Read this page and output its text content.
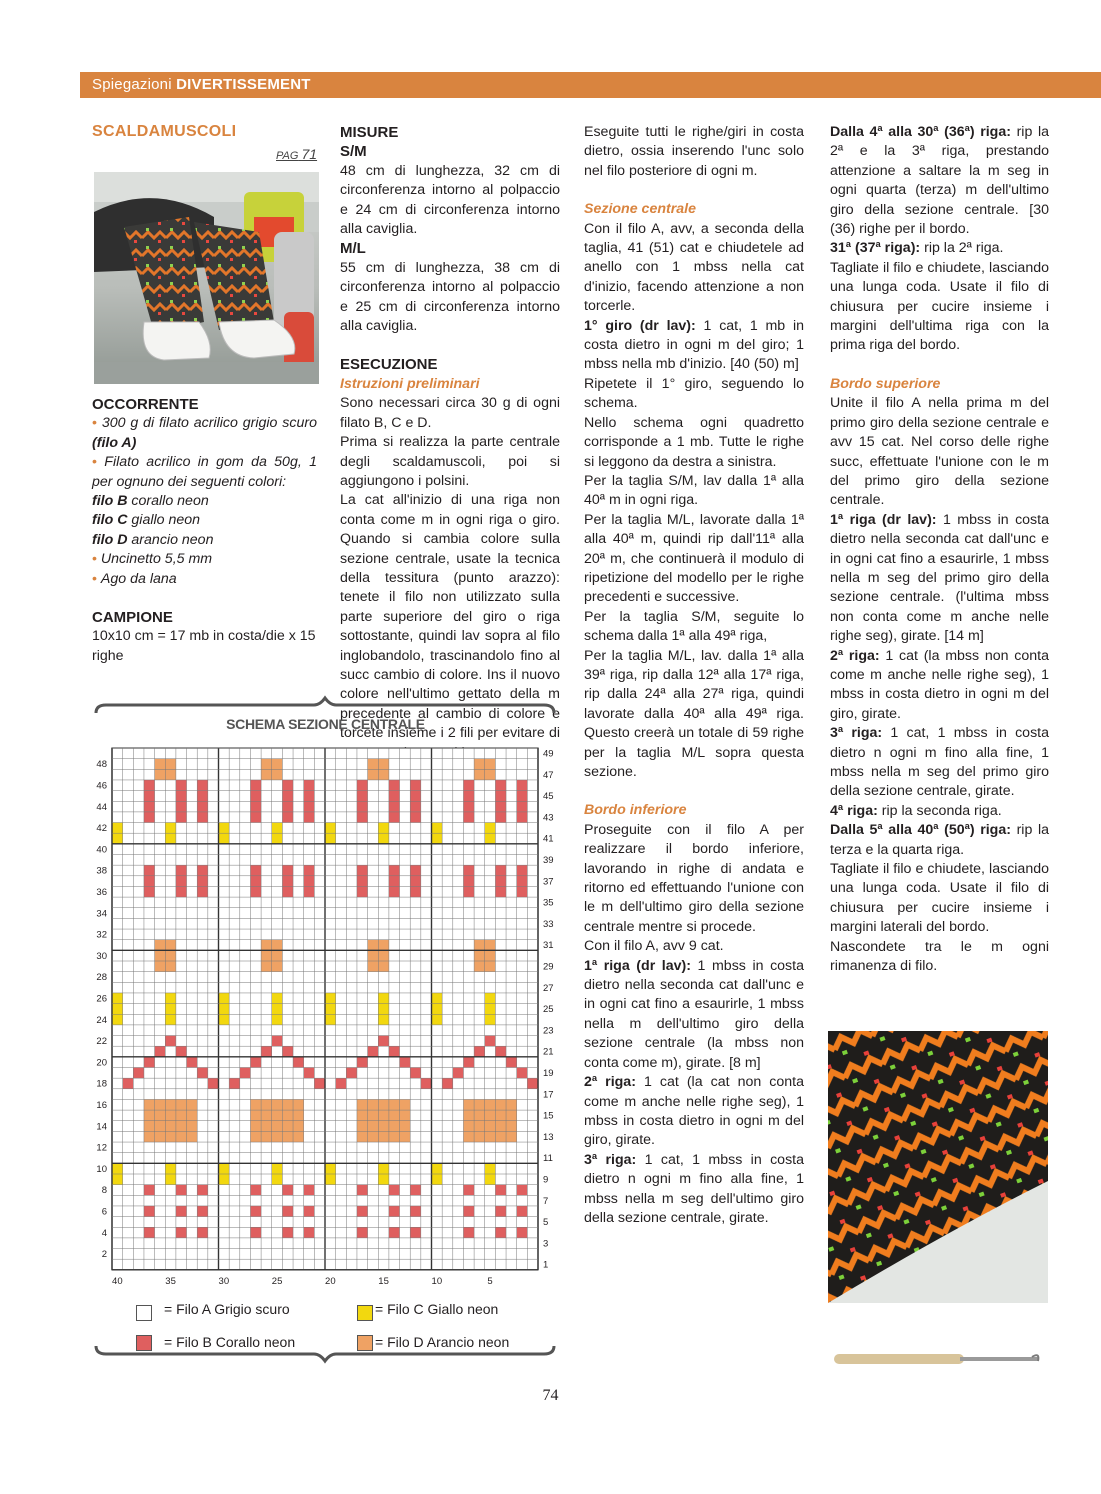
Spiegazioni DIVERTISSEMENT
SCALDAMUSCOLI
PAG 71

OCCORRENTE

• 300 g di filato acrilico grigio scuro (filo A)

• Filato acrilico in gom da 50g, 1 per ognuno dei seguenti colori:

filo B corallo neon

filo C giallo neon

filo D arancio neon

• Uncinetto 5,5 mm

• Ago da lana

CAMPIONE

10x10 cm = 17 mb in costa/die x 15 righe

MISURE

S/M

48 cm di lunghezza, 32 cm di circonferenza intorno al polpaccio e 24 cm di circonferenza intorno alla caviglia.

M/L

55 cm di lunghezza, 38 cm di circonferenza intorno al polpaccio e 25 cm di circonferenza intorno alla caviglia.

ESECUZIONE

Istruzioni preliminari

Sono necessari circa 30 g di ogni filato B, C e D.

Prima si realizza la parte centrale degli scaldamuscoli, poi si aggiungono i polsini.

La cat all'inizio di una riga non conta come m in ogni riga o giro. Quando si cambia colore sulla sezione centrale, usate la tecnica della tessitura (punto arazzo): tenete il filo non utilizzato sulla parte superiore del giro o riga sottostante, quindi lav sopra al filo inglobandolo, trascinandolo fino al succ cambio di colore. Ins il nuovo colore nell'ultimo gettato della m precedente al cambio di colore e torcete insieme i 2 fili per evitare di

Eseguite tutti le righe/giri in costa dietro, ossia inserendo l'unc solo nel filo posteriore di ogni m.

Sezione centrale

Con il filo A, avv, a seconda della taglia, 41 (51) cat e chiudetele ad anello con 1 mbss nella cat d'inizio, facendo attenzione a non torcerle.

1° giro (dr lav): 1 cat, 1 mb in costa dietro in ogni m del giro; 1 mbss nella mb d'inizio. [40 (50) m]

Ripetete il 1° giro, seguendo lo schema.

Nello schema ogni quadretto corrisponde a 1 mb. Tutte le righe si leggono da destra a sinistra.

Per la taglia S/M, lav dalla 1ª alla 40ª m in ogni riga.

Per la taglia M/L, lavorate dalla 1ª alla 40ª m, quindi rip dall'11ª alla 20ª m, che continuerà il modulo di ripetizione del modello per le righe precedenti e successive.

Per la taglia S/M, seguite lo schema dalla 1ª alla 49ª riga,

Per la taglia M/L, lav. dalla 1ª alla 39ª riga, rip dalla 12ª alla 17ª riga, rip dalla 24ª alla 27ª riga, quindi lavorate dalla 40ª alla 49ª riga. Questo creerà un totale di 59 righe per la taglia M/L sopra questa sezione.

Bordo inferiore

Proseguite con il filo A per realizzare il bordo inferiore, lavorando in righe di andata e ritorno ed effettuando l'unione con le m dell'ultimo giro della sezione centrale mentre si procede.

Con il filo A, avv 9 cat.

1ª riga (dr lav): 1 mbss in costa dietro nella seconda cat dall'unc e in ogni cat fino a esaurirle, 1 mbss nella m dell'ultimo giro della sezione centrale (la mbss non conta come m), girate. [8 m]

2ª riga: 1 cat (la cat non conta come m anche nelle righe seg), 1 mbss in costa dietro in ogni m del giro, girate.

3ª riga: 1 cat, 1 mbss in costa dietro n ogni m fino alla fine, 1 mbss nella m seg dell'ultimo giro della sezione centrale, girate.

Dalla 4ª alla 30ª (36ª) riga: rip la 2ª e la 3ª riga, prestando attenzione a saltare la m seg in ogni quarta (terza) m dell'ultimo giro della sezione centrale. [30 (36) righe per il bordo.

31ª (37ª riga): rip la 2ª riga.

Tagliate il filo e chiudete, lasciando una lunga coda. Usate il filo di chiusura per cucire insieme i margini dell'ultima riga con la prima riga del bordo.

Bordo superiore

Unite il filo A nella prima m del primo giro della sezione centrale e avv 15 cat. Nel corso delle righe succ, effettuate l'unione con le m del primo giro della sezione centrale.

1ª riga (dr lav): 1 mbss in costa dietro nella seconda cat dall'unc e in ogni cat fino a esaurirle, 1 mbss nella m seg del primo giro della sezione centrale. (l'ultima mbss non conta come m anche nelle righe seg), girate. [14 m]

2ª riga: 1 cat (la mbss non conta come m anche nelle righe seg), 1 mbss in costa dietro in ogni m del giro, girate.

3ª riga: 1 cat, 1 mbss in costa dietro n ogni m fino alla fine, 1 mbss nella m seg del primo giro della sezione centrale, girate.

4ª riga: rip la seconda riga.

Dalla 5ª alla 40ª (50ª) riga: rip la terza e la quarta riga.

Tagliate il filo e chiudete, lasciando una lunga coda. Usate il filo di chiusura per cucire insieme i margini laterali del bordo.

Nascondete tra le m ogni rimanenza di filo.

SCHEMA SEZIONE CENTRALE
48
46
44
42
40
38
36
34
32
30
28
26
24
22
20
18
16
14
12
10
8
6
4
2
49
47
45
43
41
39
37
35
33
31
29
27
25
23
21
19
17
15
13
11
9
7
5
3
1
40	35	30	25	20	15	10	5
= Filo A Grigio scuro	= Filo C Giallo neon
= Filo B Corallo neon	= Filo D Arancio neon
74
